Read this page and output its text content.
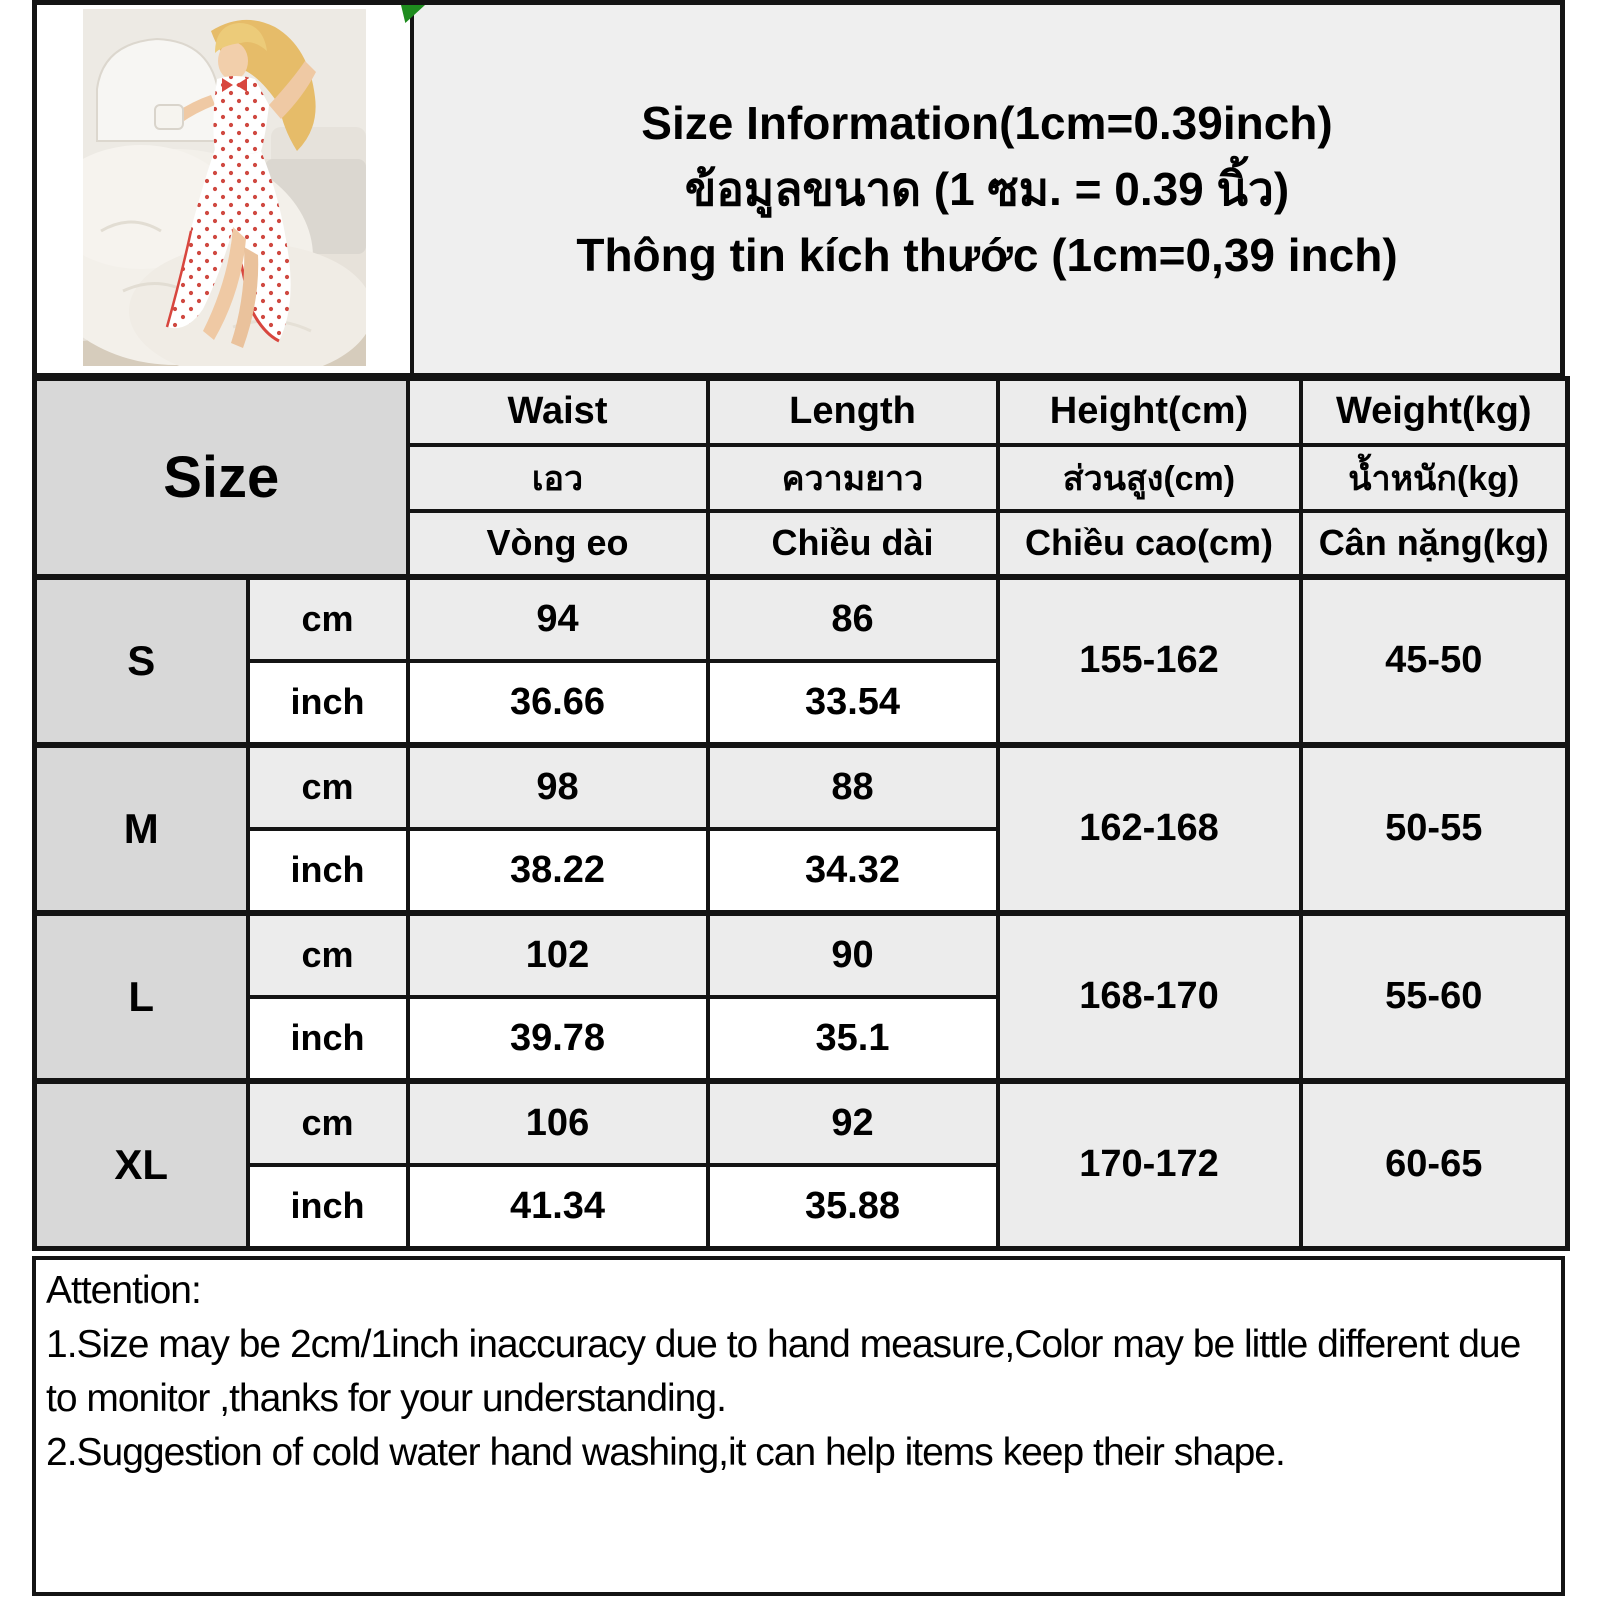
Size Information(1cm=0.39inch)
ข้อมูลขนาด (1 ซม. = 0.39 นิ้ว)
Thông tin kích thước (1cm=0,39 inch)
Size		Waist	Length	Height(cm)	Weight(kg)
		เอว	ความยาว	ส่วนสูง(cm)	น้ำหนัก(kg)
		Vòng eo	Chiều dài	Chiều cao(cm)	Cân nặng(kg)
S	cm	94	86	155-162	45-50
	inch	36.66	33.54		
M	cm	98	88	162-168	50-55
	inch	38.22	34.32		
L	cm	102	90	168-170	55-60
	inch	39.78	35.1		
XL	cm	106	92	170-172	60-65
	inch	41.34	35.88		
Attention:
1.Size may be 2cm/1inch inaccuracy due to hand measure,Color may be little different due to monitor ,thanks for your understanding.
2.Suggestion of cold water hand washing,it can help items keep their shape.
